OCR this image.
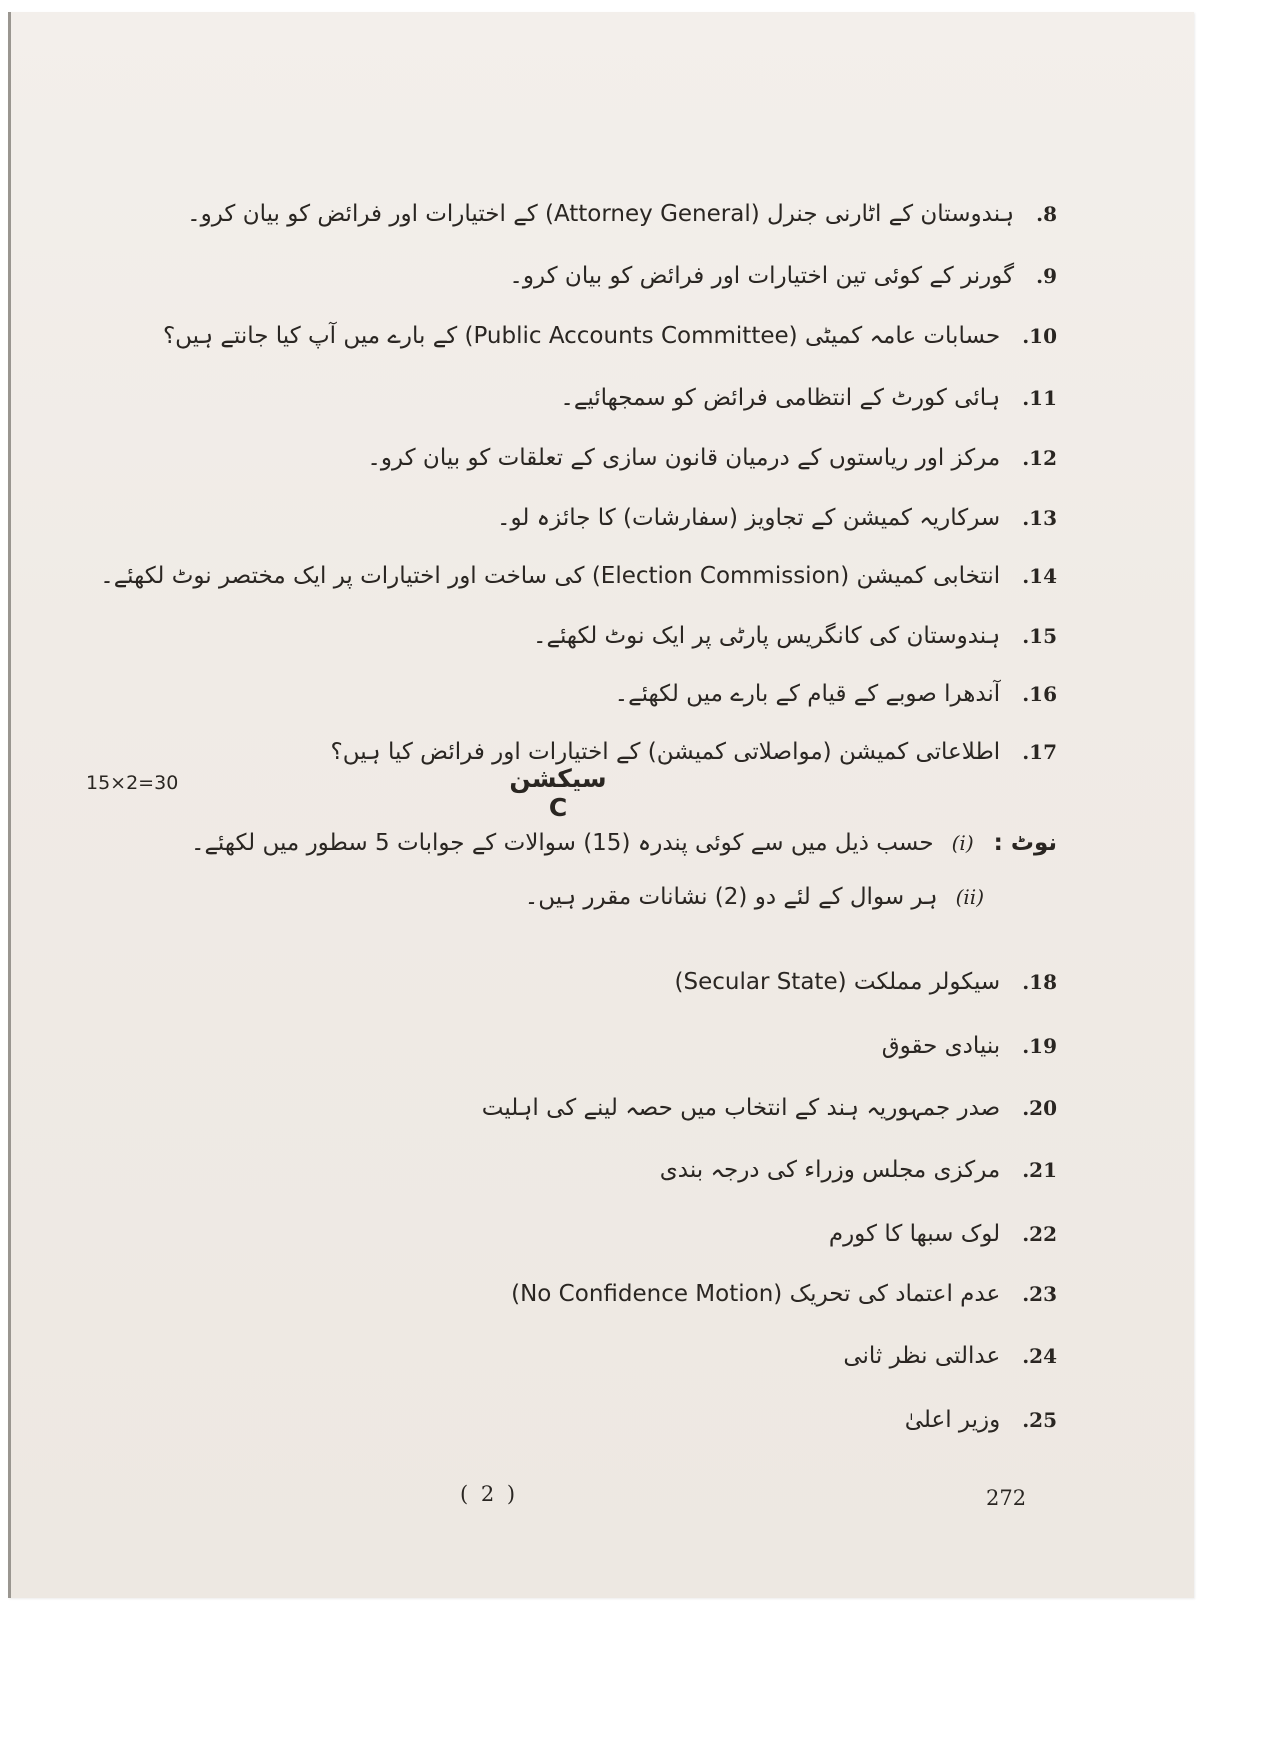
.8ہندوستان کے اٹارنی جنرل (Attorney General) کے اختیارات اور فرائض کو بیان کرو۔
.9گورنر کے کوئی تین اختیارات اور فرائض کو بیان کرو۔
.10حسابات عامہ کمیٹی (Public Accounts Committee) کے بارے میں آپ کیا جانتے ہیں؟
.11ہائی کورٹ کے انتظامی فرائض کو سمجھائیے۔
.12مرکز اور ریاستوں کے درمیان قانون سازی کے تعلقات کو بیان کرو۔
.13سرکاریہ کمیشن کے تجاویز (سفارشات) کا جائزہ لو۔
.14انتخابی کمیشن (Election Commission) کی ساخت اور اختیارات پر ایک مختصر نوٹ لکھئے۔
.15ہندوستان کی کانگریس پارٹی پر ایک نوٹ لکھئے۔
.16آندھرا صوبے کے قیام کے بارے میں لکھئے۔
.17اطلاعاتی کمیشن (مواصلاتی کمیشن) کے اختیارات اور فرائض کیا ہیں؟
15×2=30	سیکشن C
نوٹ :(i)حسب ذیل میں سے کوئی پندرہ (15) سوالات کے جوابات 5 سطور میں لکھئے۔
(ii)ہر سوال کے لئے دو (2) نشانات مقرر ہیں۔
.18سیکولر مملکت (Secular State)
.19بنیادی حقوق
.20صدر جمہوریہ ہند کے انتخاب میں حصہ لینے کی اہلیت
.21مرکزی مجلس وزراء کی درجہ بندی
.22لوک سبھا کا کورم
.23عدم اعتماد کی تحریک (No Confidence Motion)
.24عدالتی نظر ثانی
.25وزیر اعلیٰ
( 2 )	272
